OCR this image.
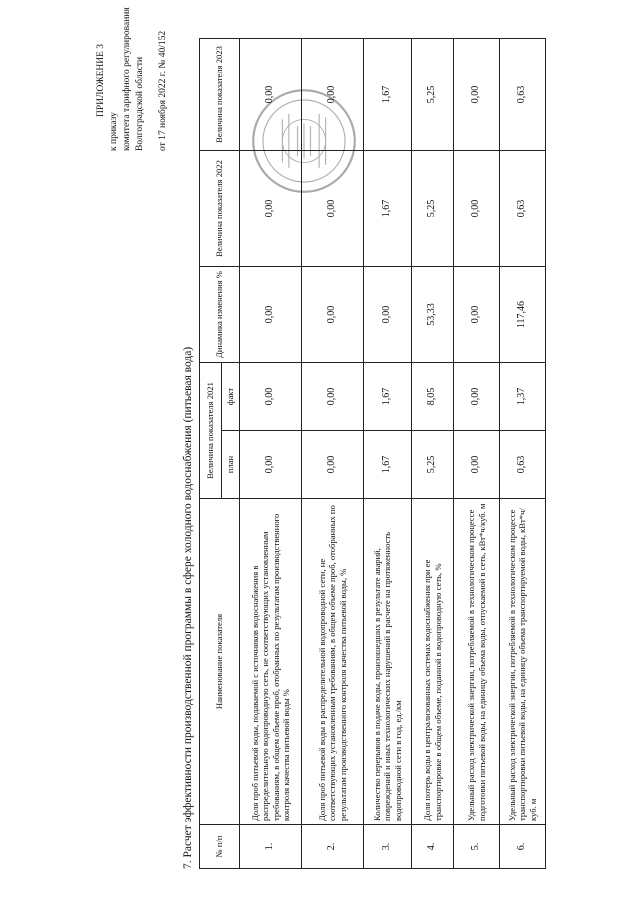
ПРИЛОЖЕНИЕ 3
к приказу комитета тарифного регулирования Волгоградской области от 17 ноября 2022 г. № 40/152
7. Расчет эффективности производственной программы в сфере холодного водоснабжения (питьевая вода) № п/п	Наименование показателя	Величина показателя 2021		Динамика изменения %	Величина показателя 2022	Величина показателя 2023
		план	факт			
1.	Доля проб питьевой воды, подаваемой с источников водоснабжения в распределительную водопроводную сеть, не соответствующих установленным требованиям, в общем объеме проб, отобранных по результатам производственного контроля качества питьевой воды %	0,00	0,00	0,00	0,00	0,00
2.	Доля проб питьевой воды в распределительной водопроводной сети, не соответствующих установленным требованиям, в общем объеме проб, отобранных по результатам производственного контроля качества питьевой воды, %	0,00	0,00	0,00	0,00	0,00
3.	Количество перерывов в подаче воды, произошедших в результате аварий, повреждений и иных технологических нарушений в расчете на протяженность водопроводной сети в год, ед./км	1,67	1,67	0,00	1,67	1,67
4.	Доля потерь воды в централизованных системах водоснабжения при ее транспортировке в общем объеме, поданной в водопроводную сеть, %	5,25	8,05	53,33	5,25	5,25
5.	Удельный расход электрической энергии, потребляемой в технологическом процессе подготовки питьевой воды, на единицу объема воды, отпускаемой в сеть, кВт*ч/куб. м	0,00	0,00	0,00	0,00	0,00
6.	Удельный расход электрической энергии, потребляемой в технологическом процессе транспортировки питьевой воды, на единицу объема транспортируемой воды, кВт*ч/куб. м	0,63	1,37	117,46	0,63	0,63
